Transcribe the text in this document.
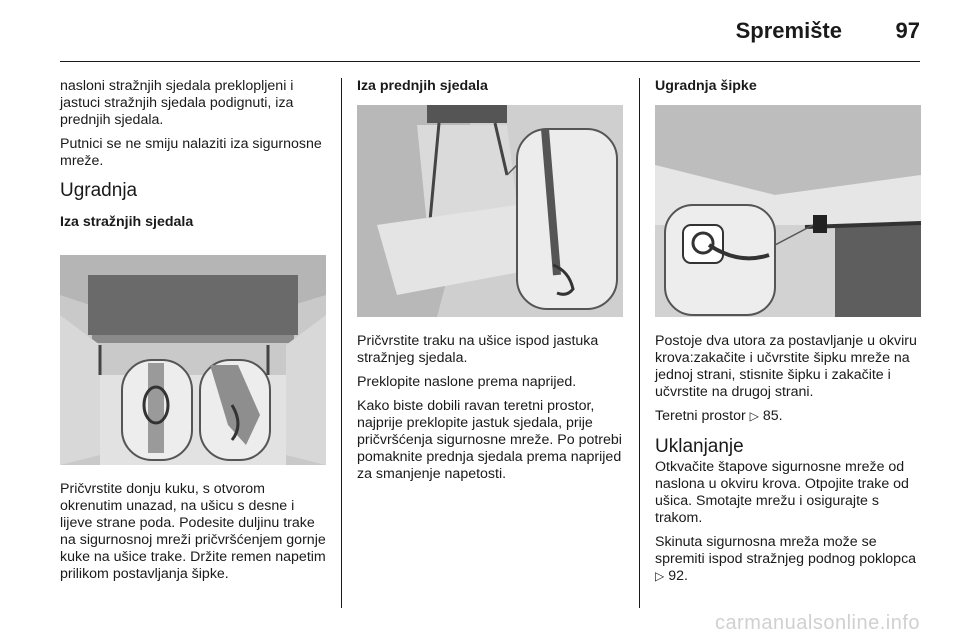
Spremište 97

nasloni stražnjih sjedala preklopljeni i jastuci stražnjih sjedala podignuti, iza prednjih sjedala.

Putnici se ne smiju nalaziti iza sigurnosne mreže.

Ugradnja
Iza stražnjih sjedala

Pričvrstite donju kuku, s otvorom okrenutim unazad, na ušicu s desne i lijeve strane poda. Podesite duljinu trake na sigurnosnoj mreži pričvršćenjem gornje kuke na ušice trake. Držite remen napetim prilikom postavljanja šipke.

Iza prednjih sjedala

Pričvrstite traku na ušice ispod jastuka stražnjeg sjedala.

Preklopite naslone prema naprijed.

Kako biste dobili ravan teretni prostor, najprije preklopite jastuk sjedala, prije pričvršćenja sigurnosne mreže. Po potrebi pomaknite prednja sjedala prema naprijed za smanjenje napetosti.

Ugradnja šipke

Postoje dva utora za postavljanje u okviru krova:zakačite i učvrstite šipku mreže na jednoj strani, stisnite šipku i zakačite i učvrstite na drugoj strani.

Teretni prostor ▷ 85.

Uklanjanje

Otkvačite štapove sigurnosne mreže od naslona u okviru krova. Otpojite trake od ušica. Smotajte mrežu i osigurajte s trakom.

Skinuta sigurnosna mreža može se spremiti ispod stražnjeg podnog poklopca ▷ 92.

carmanualsonline.info
